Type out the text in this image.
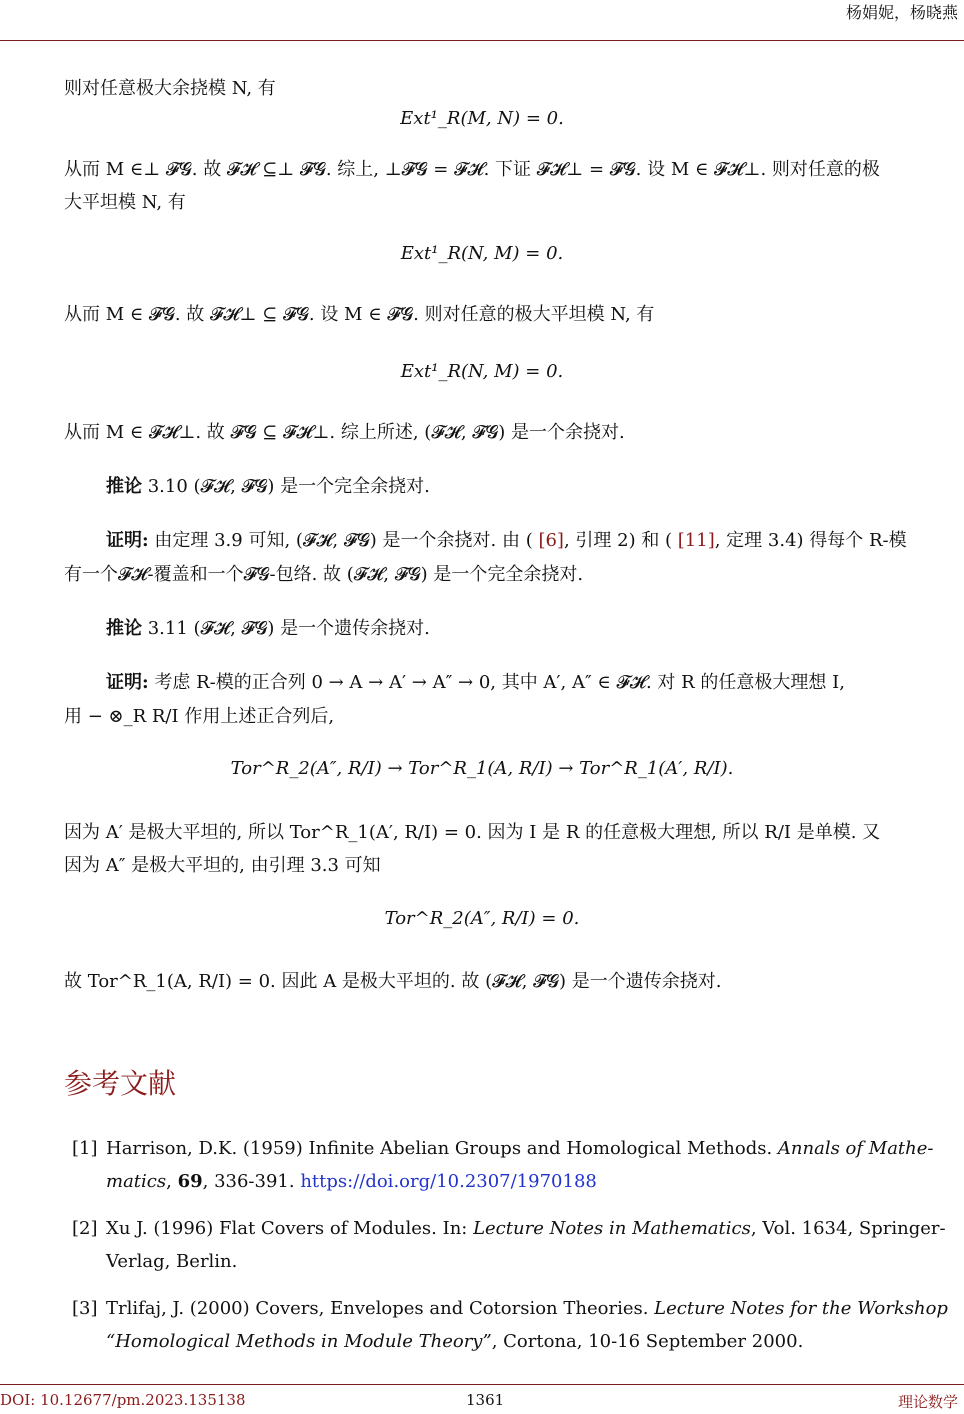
杨娟妮，杨晓燕
则对任意极大余挠模 N, 有
Ext¹_R(M, N) = 0.
从而 M ∈⊥ 𝓕𝓖. 故 𝓕𝓗 ⊆⊥ 𝓕𝓖. 综上, ⊥𝓕𝓖 = 𝓕𝓗. 下证 𝓕𝓗⊥ = 𝓕𝓖. 设 M ∈ 𝓕𝓗⊥. 则对任意的极
大平坦模 N, 有
Ext¹_R(N, M) = 0.
从而 M ∈ 𝓕𝓖. 故 𝓕𝓗⊥ ⊆ 𝓕𝓖. 设 M ∈ 𝓕𝓖. 则对任意的极大平坦模 N, 有
Ext¹_R(N, M) = 0.
从而 M ∈ 𝓕𝓗⊥. 故 𝓕𝓖 ⊆ 𝓕𝓗⊥. 综上所述, (𝓕𝓗, 𝓕𝓖) 是一个余挠对.
推论 3.10 (𝓕𝓗, 𝓕𝓖) 是一个完全余挠对.
证明: 由定理 3.9 可知, (𝓕𝓗, 𝓕𝓖) 是一个余挠对. 由 ( [6], 引理 2) 和 ( [11], 定理 3.4) 得每个 R-模
有一个𝓕𝓗-覆盖和一个𝓕𝓖-包络. 故 (𝓕𝓗, 𝓕𝓖) 是一个完全余挠对.
推论 3.11 (𝓕𝓗, 𝓕𝓖) 是一个遗传余挠对.
证明: 考虑 R-模的正合列 0 → A → A′ → A″ → 0, 其中 A′, A″ ∈ 𝓕𝓗. 对 R 的任意极大理想 I,
用 − ⊗_R R/I 作用上述正合列后,
Tor^R_2(A″, R/I) → Tor^R_1(A, R/I) → Tor^R_1(A′, R/I).
因为 A′ 是极大平坦的, 所以 Tor^R_1(A′, R/I) = 0. 因为 I 是 R 的任意极大理想, 所以 R/I 是单模. 又
因为 A″ 是极大平坦的, 由引理 3.3 可知
Tor^R_2(A″, R/I) = 0.
故 Tor^R_1(A, R/I) = 0. 因此 A 是极大平坦的. 故 (𝓕𝓗, 𝓕𝓖) 是一个遗传余挠对.
参考文献
[1] Harrison, D.K. (1959) Infinite Abelian Groups and Homological Methods. Annals of Mathe-
matics, 69, 336-391. https://doi.org/10.2307/1970188
[2] Xu J. (1996) Flat Covers of Modules. In: Lecture Notes in Mathematics, Vol. 1634, Springer-
Verlag, Berlin.
[3] Trlifaj, J. (2000) Covers, Envelopes and Cotorsion Theories. Lecture Notes for the Workshop
“Homological Methods in Module Theory”, Cortona, 10-16 September 2000.
DOI: 10.12677/pm.2023.135138	1361	理论数学
